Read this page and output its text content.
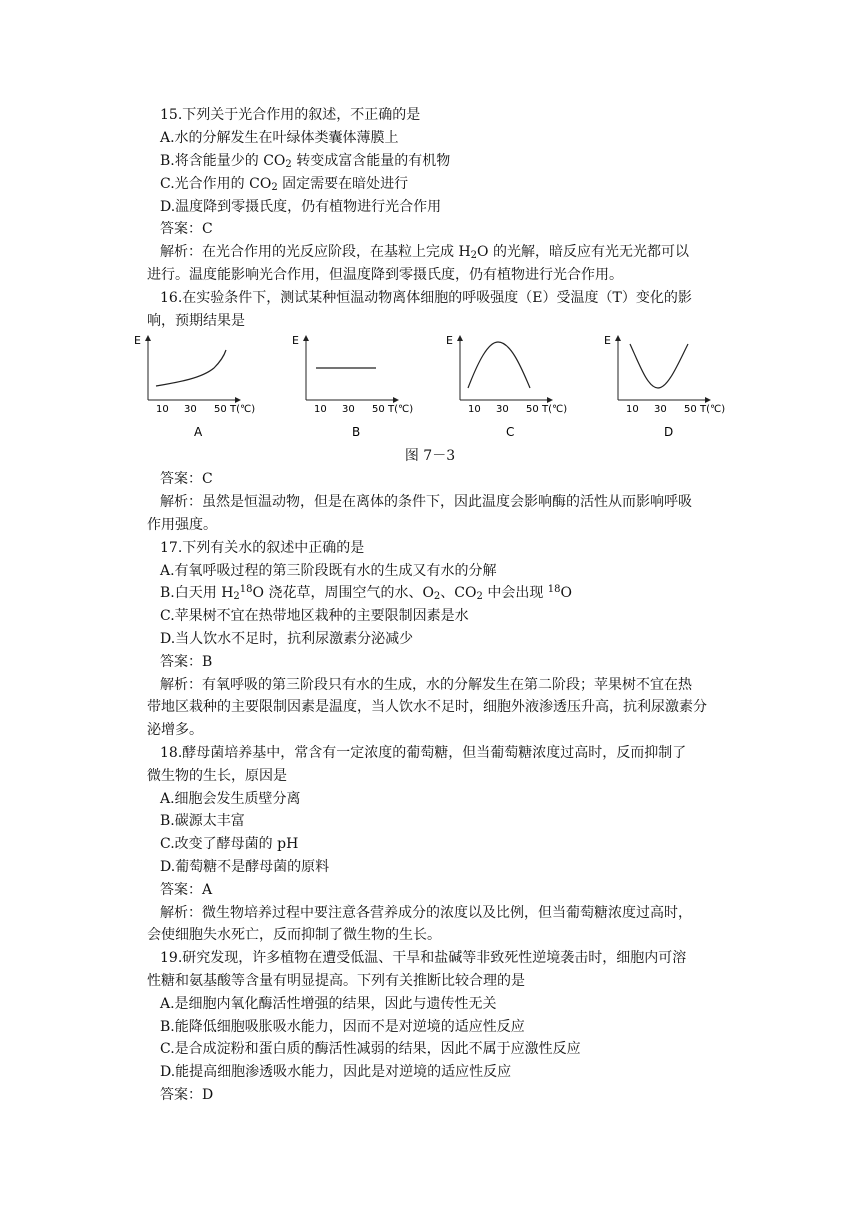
15.下列关于光合作用的叙述，不正确的是
A.水的分解发生在叶绿体类囊体薄膜上
B.将含能量少的 $CO_2$ 转变成富含能量的有机物
C.光合作用的 $CO_2$ 固定需要在暗处进行
D.温度降到零摄氏度，仍有植物进行光合作用
答案：C
解析：在光合作用的光反应阶段，在基粒上完成 $H_2O$ 的光解，暗反应有光无光都可以
进行。温度能影响光合作用，但温度降到零摄氏度，仍有植物进行光合作用。
16.在实验条件下，测试某种恒温动物离体细胞的呼吸强度（E）受温度（T）变化的影
响，预期结果是
E
10 30 50 T(℃)
A
E
10 30 50 T(℃)
B
E
10 30 50 T(℃)
C
E
10 30 50 T(℃)
D
图 7－3
答案：C
解析：虽然是恒温动物，但是在离体的条件下，因此温度会影响酶的活性从而影响呼吸
作用强度。
17.下列有关水的叙述中正确的是
A.有氧呼吸过程的第三阶段既有水的生成又有水的分解
B.白天用 $H_2^{18}O$ 浇花草，周围空气的水、$O_2$、$CO_2$ 中会出现 $^{18}$O
C.苹果树不宜在热带地区栽种的主要限制因素是水
D.当人饮水不足时，抗利尿激素分泌减少
答案：B
解析：有氧呼吸的第三阶段只有水的生成，水的分解发生在第二阶段；苹果树不宜在热
带地区栽种的主要限制因素是温度，当人饮水不足时，细胞外液渗透压升高，抗利尿激素分
泌增多。
18.酵母菌培养基中，常含有一定浓度的葡萄糖，但当葡萄糖浓度过高时，反而抑制了
微生物的生长，原因是
A.细胞会发生质壁分离
B.碳源太丰富
C.改变了酵母菌的 pH
D.葡萄糖不是酵母菌的原料
答案：A
解析：微生物培养过程中要注意各营养成分的浓度以及比例，但当葡萄糖浓度过高时，
会使细胞失水死亡，反而抑制了微生物的生长。
19.研究发现，许多植物在遭受低温、干旱和盐碱等非致死性逆境袭击时，细胞内可溶
性糖和氨基酸等含量有明显提高。下列有关推断比较合理的是
A.是细胞内氧化酶活性增强的结果，因此与遗传性无关
B.能降低细胞吸胀吸水能力，因而不是对逆境的适应性反应
C.是合成淀粉和蛋白质的酶活性减弱的结果，因此不属于应激性反应
D.能提高细胞渗透吸水能力，因此是对逆境的适应性反应
答案：D
